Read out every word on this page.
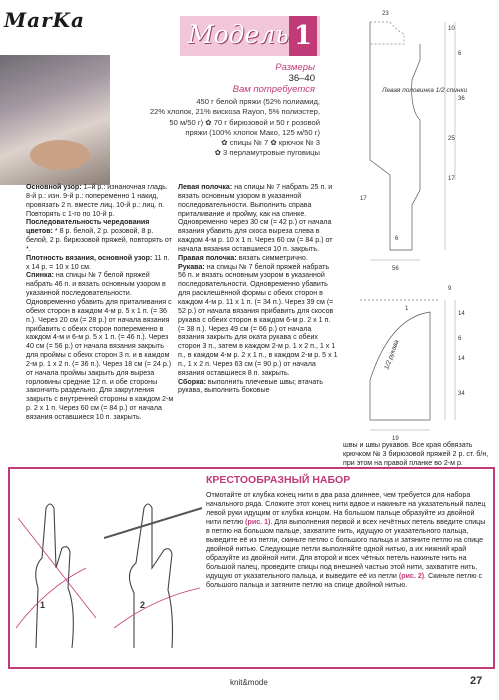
MarKa	Модель 1
Размеры
36–40
Вам потребуется
450 г белой пряжи (52% полиамид,
22% хлопок, 21% вискоза Rayon, 5% полиэстер,
50 м/50 г) ✿ 70 г бирюзовой и 50 г розовой
пряжи (100% хлопок Мако, 125 м/50 г)
✿ спицы № 7 ✿ крючок № 3
✿ 3 перламутровые пуговицы
Левая половинка 1/2 спинки
1/2 рукава
23
10
6
36
25
17
17
6
56
9
14
6
14
34
1
19

Основной узор: 1–й р.: изнаночная гладь. 8-й р.: изн. 9-й р.: попеременно 1 накид, провязать 2 п. вместе лиц. 10-й р.: лиц. п. Повторять с 1-го по 10-й р.

Последовательность чередования цветов: * 8 р. белой, 2 р. розовой, 8 р. белой, 2 р. бирюзовой пряжей, повторять от *.

Плотность вязания, основной узор: 11 п. х 14 р. = 10 х 10 см.

Спинка: на спицы № 7 белой пряжей набрать 46 п. и вязать основным узором в указанной последовательности. Одновременно убавить для приталивания с обеих сторон в каждом 4-м р. 5 х 1 п. (= 36 п.). Через 20 см (= 28 р.) от начала вязания прибавить с обеих сторон попеременно в каждом 4-м и 6-м р. 5 х 1 п. (= 46 п.). Через 40 см (= 56 р.) от начала вязания закрыть для проймы с обеих сторон 3 п. и в каждом 2-м р. 1 х 2 п. (= 36 п.). Через 18 см (= 24 р.) от начала проймы закрыть для выреза горловины средние 12 п. и обе стороны закончить раздельно. Для закругления закрыть с внутренней стороны в каждом 2-м р. 2 х 1 п. Через 60 см (= 84 р.) от начала вязания оставшиеся 10 п. закрыть.

Левая полочка: на спицы № 7 набрать 25 п. и вязать основным узором в указанной последовательности. Выполнить справа приталивание и пройму, как на спинке. Одновременно через 30 см (= 42 р.) от начала вязания убавить для скоса выреза слева в каждом 4-м р. 10 х 1 п. Через 60 см (= 84 р.) от начала вязания оставшиеся 10 п. закрыть.

Правая полочка: вязать симметрично.

Рукава: на спицы № 7 белой пряжей набрать 56 п. и вязать основным узором в указанной последовательности. Одновременно убавить для расклешённой формы с обеих сторон в каждом 4-м р. 11 х 1 п. (= 34 п.). Через 39 см (= 52 р.) от начала вязания прибавить для скосов рукава с обеих сторон в каждом 6-м р. 2 х 1 п. (= 38 п.). Через 49 см (= 66 р.) от начала вязания закрыть для оката рукава с обеих сторон 3 п., затем в каждом 2-м р. 1 х 2 п., 1 х 1 п., в каждом 4-м р. 2 х 1 п., в каждом 2-м р. 5 х 1 п., 1 х 2 п. Через 63 см (= 90 р.) от начала вязания оставшиеся 8 п. закрыть.

Сборка: выполнить плечевые швы; втачать рукава, выполнить боковые

швы и швы рукавов. Все края обвязать крючком № 3 бирюзовой пряжей 2 р. ст. б/н, при этом на правой планке во 2-м р.
1	2
КРЕСТООБРАЗНЫЙ НАБОР
Отмотайте от клубка конец нити в два раза длиннее, чем требуется для набора начального ряда. Сложите этот конец нити вдвое и накиньте на указательный палец левой руки идущим от клубка концом. На большом пальце образуйте из двойной нити петлю (рис. 1). Для выполнения первой и всех нечётных петель введите спицы в петлю на большом пальце, захватите нить, идущую от указательного пальца, выведите её из петли, скиньте петлю с большого пальца и затяните петлю на спице двойной нитью. Следующие петли выполняйте одной нитью, а их нижний край образуйте из двойной нити. Для второй и всех чётных петель накиньте нить на большой палец, проведите спицы под внешней частью этой нити, захватите нить, идущую от указательного пальца, и выведите её из петли (рис. 2). Скиньте петлю с большого пальца и затяните петлю на спице двойной нитью.
knit&mode	27
